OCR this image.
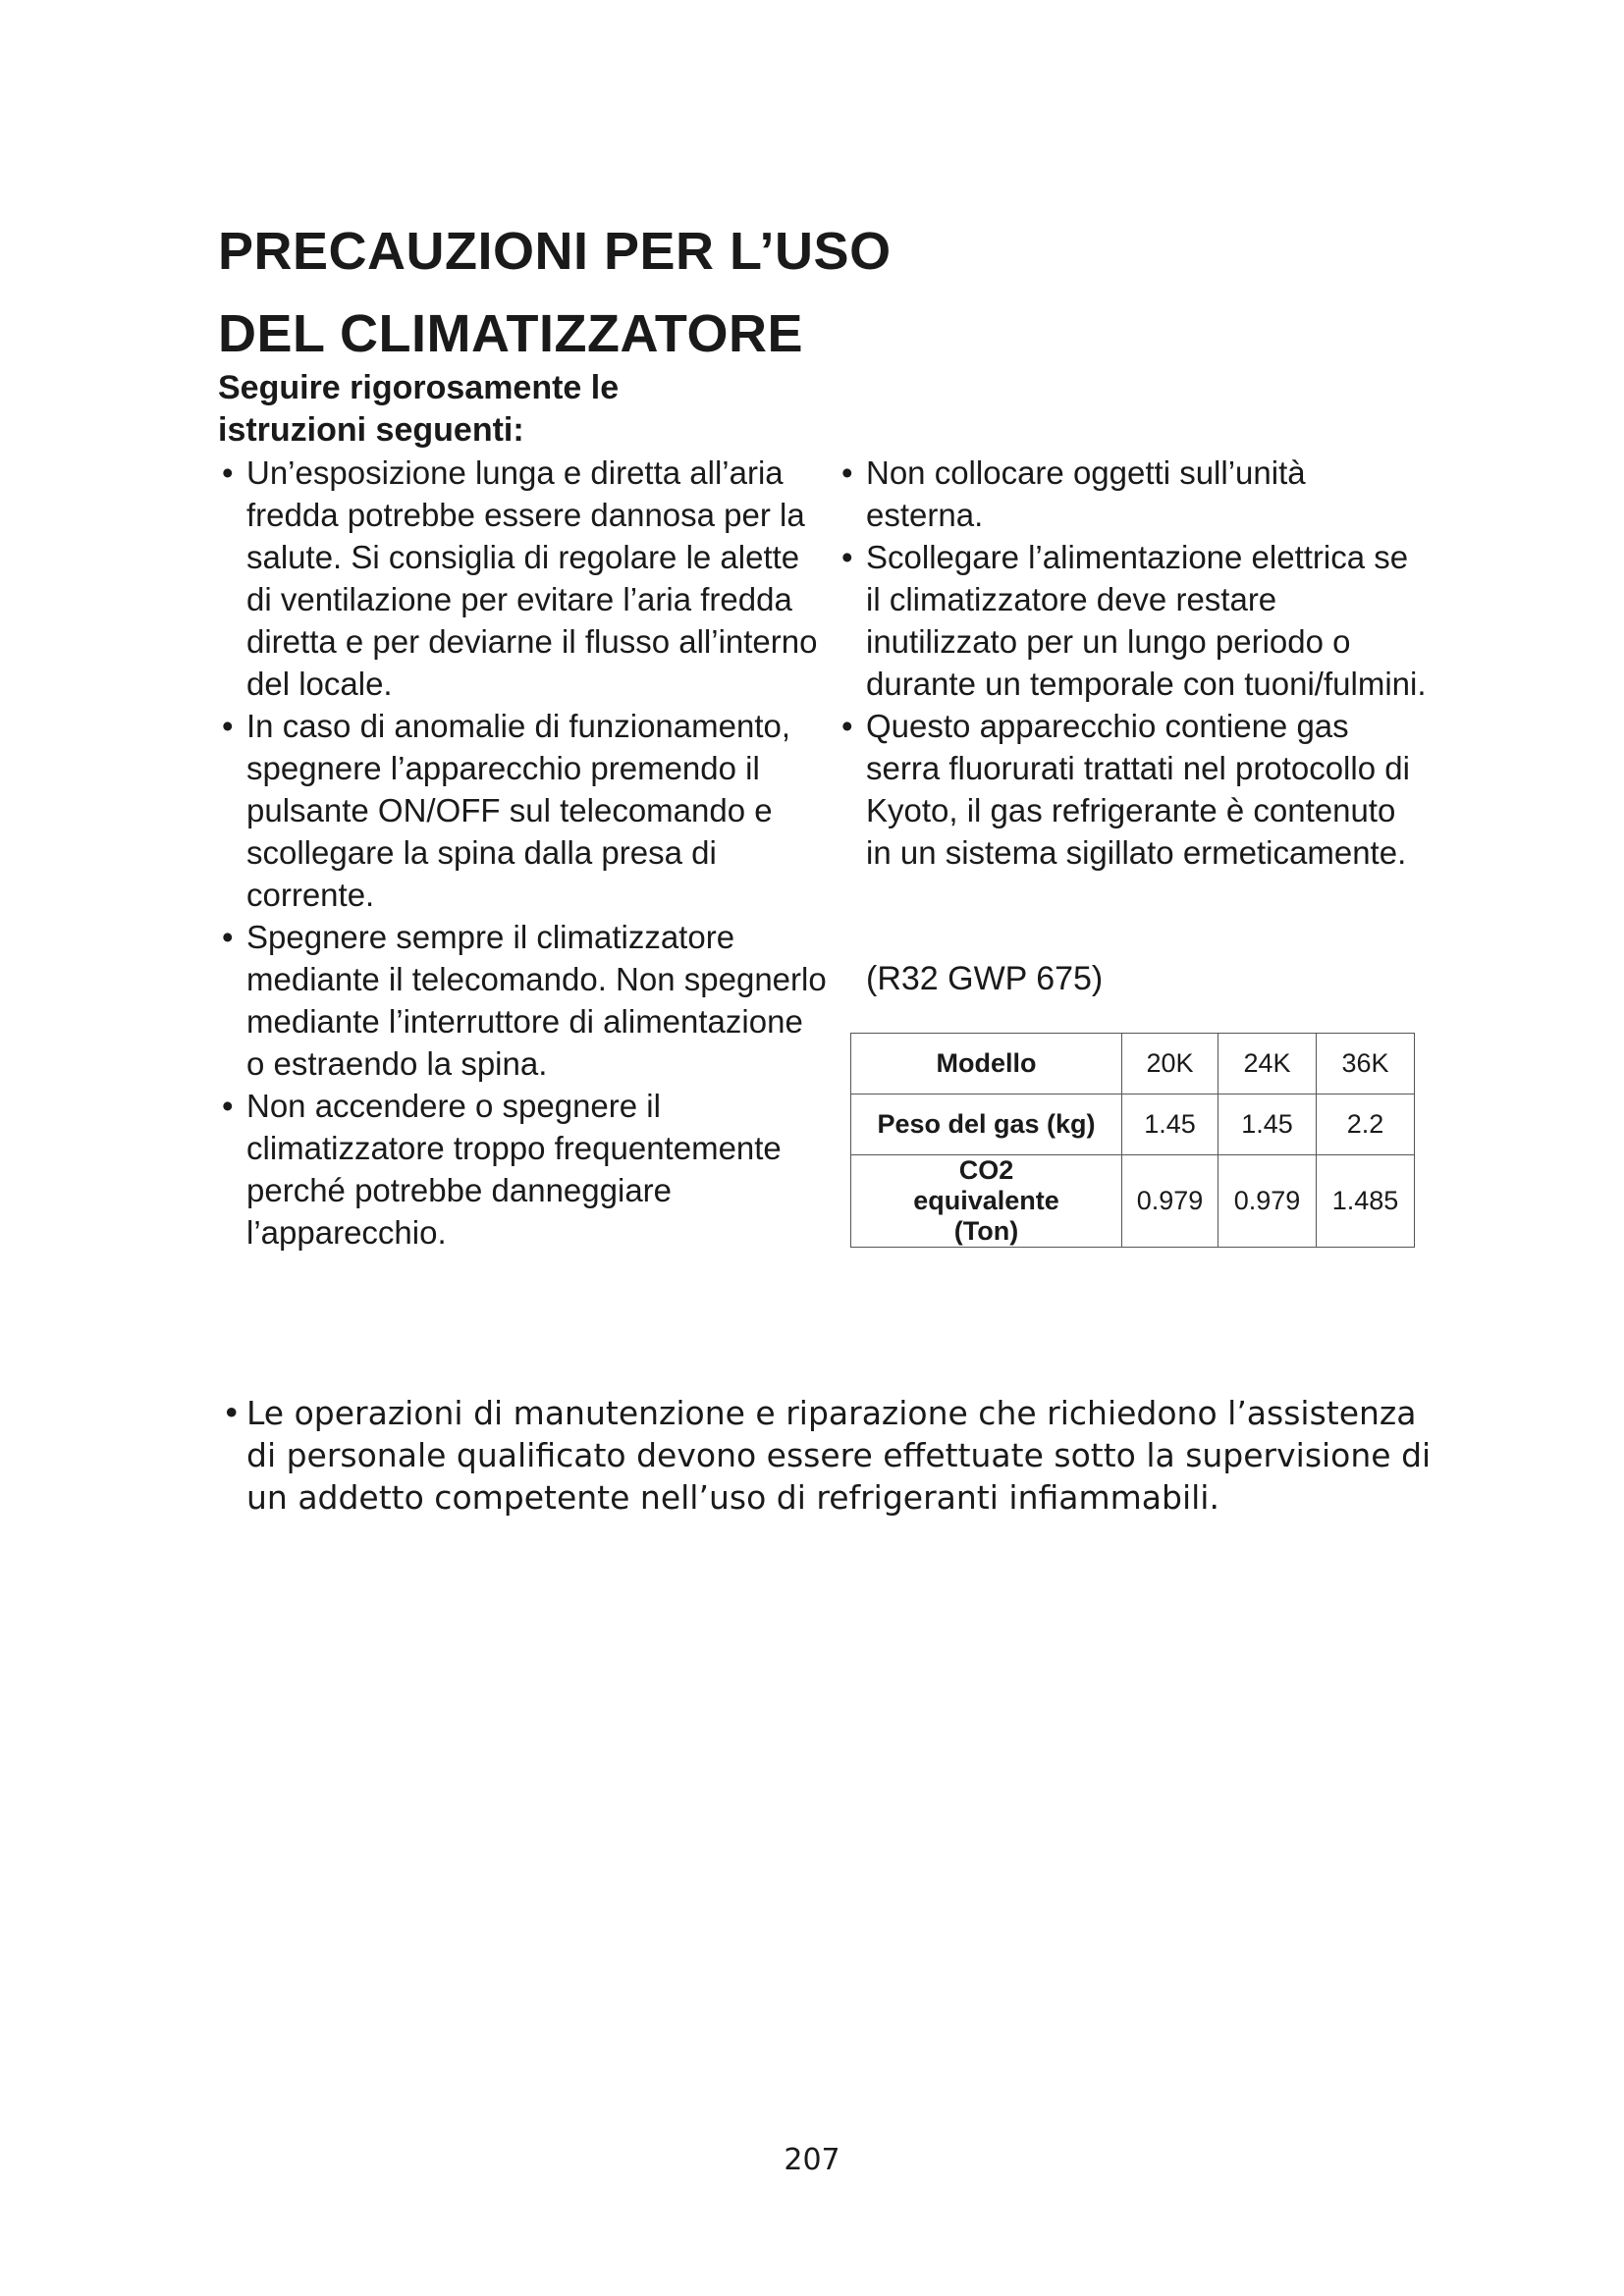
PRECAUZIONI PER L’USO
DEL CLIMATIZZATORE
Seguire rigorosamente le
istruzioni seguenti:
• Un’esposizione lunga e diretta all’aria fredda potrebbe essere dannosa per la salute. Si consiglia di regolare le alette di ventilazione per evitare l’aria fredda diretta e per deviarne il flusso all’interno del locale.
• In caso di anomalie di funzionamento, spegnere l’apparecchio premendo il pulsante ON/OFF sul telecomando e scollegare la spina dalla presa di corrente.
• Spegnere sempre il climatizzatore mediante il telecomando. Non spegnerlo mediante l’interruttore di alimentazione o estraendo la spina.
• Non accendere o spegnere il climatizzatore troppo frequentemente perché potrebbe danneggiare l’apparecchio.
• Non collocare oggetti sull’unità esterna.
• Scollegare l’alimentazione elettrica se il climatizzatore deve restare inutilizzato per un lungo periodo o durante un temporale con tuoni/fulmini.
• Questo apparecchio contiene gas serra fluorurati trattati nel protocollo di Kyoto, il gas refrigerante è contenuto in un sistema sigillato ermeticamente.
(R32 GWP 675)
Modello	20K	24K	36K
Peso del gas (kg)	1.45	1.45	2.2
CO2 equivalente (Ton)	0.979	0.979	1.485
• Le operazioni di manutenzione e riparazione che richiedono l’assistenza di personale qualificato devono essere effettuate sotto la supervisione di un addetto competente nell’uso di refrigeranti infiammabili.
207
